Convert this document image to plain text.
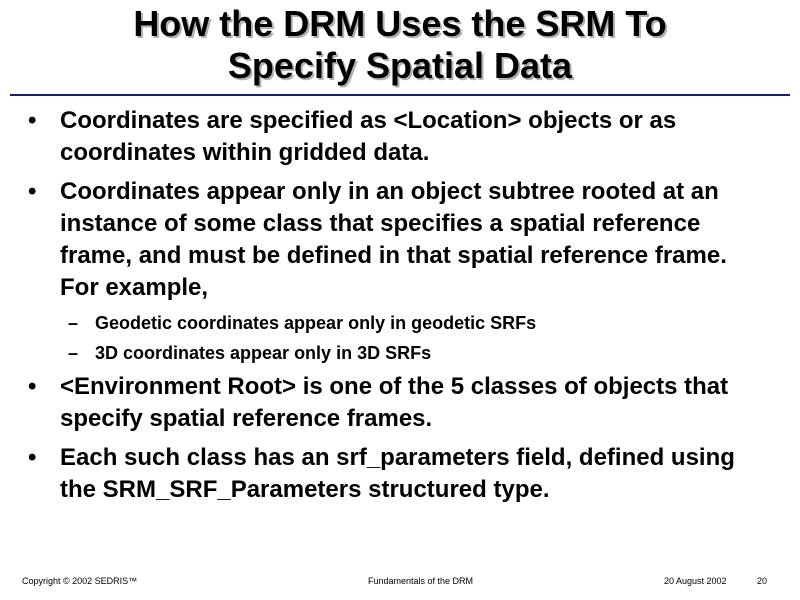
How the DRM Uses the SRM To
Specify Spatial Data
• Coordinates are specified as <Location> objects or as coordinates within gridded data.
• Coordinates appear only in an object subtree rooted at an instance of some class that specifies a spatial reference frame, and must be defined in that spatial reference frame. For example,
– Geodetic coordinates appear only in geodetic SRFs
– 3D coordinates appear only in 3D SRFs
• <Environment Root> is one of the 5 classes of objects that specify spatial reference frames.
• Each such class has an srf_parameters field, defined using the SRM_SRF_Parameters structured type.
Copyright © 2002 SEDRIS™	Fundamentals of the DRM	20 August 2002	20
